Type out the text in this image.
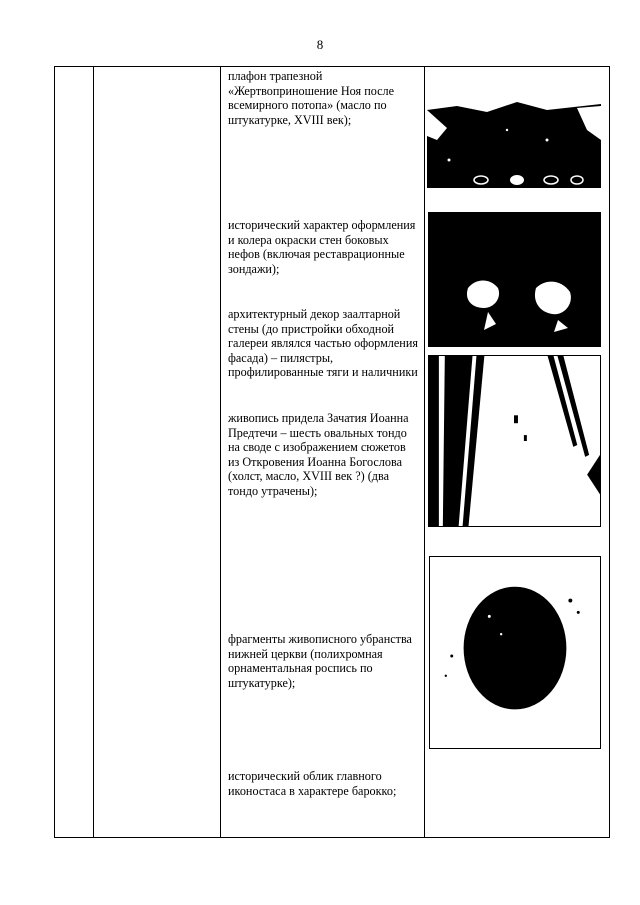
8
плафон трапезной «Жертвоприношение Ноя после всемирного потопа» (масло по штукатурке, XVIII век);
исторический характер оформления и колера окраски стен боковых нефов (включая реставрационные зондажи);
архитектурный декор заалтарной стены (до пристройки обходной галереи являлся частью оформления фасада) – пилястры, профилированные тяги и наличники
живопись придела Зачатия Иоанна Предтечи – шесть овальных тондо на своде с изображением сюжетов из Откровения Иоанна Богослова (холст, масло, XVIII век ?) (два тондо утрачены);
фрагменты живописного убранства нижней церкви (полихромная орнаментальная роспись по штукатурке);
исторический облик главного иконостаса в характере барокко;
